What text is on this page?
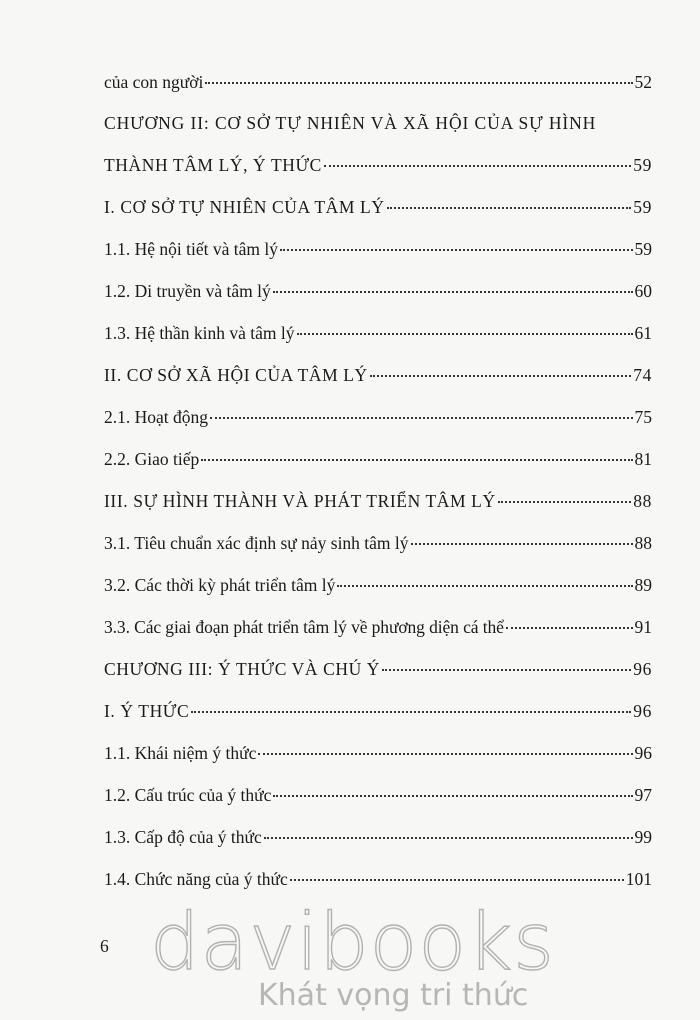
của con người	52
CHƯƠNG II: CƠ SỞ TỰ NHIÊN VÀ XÃ HỘI CỦA SỰ HÌNH
THÀNH TÂM LÝ, Ý THỨC	59
I. CƠ SỞ TỰ NHIÊN CỦA TÂM LÝ	59
1.1. Hệ nội tiết và tâm lý	59
1.2. Di truyền và tâm lý	60
1.3. Hệ thần kinh và tâm lý	61
II. CƠ SỞ XÃ HỘI CỦA TÂM LÝ	74
2.1. Hoạt động	75
2.2. Giao tiếp	81
III. SỰ HÌNH THÀNH VÀ PHÁT TRIỂN TÂM LÝ	88
3.1. Tiêu chuẩn xác định sự nảy sinh tâm lý	88
3.2. Các thời kỳ phát triển tâm lý	89
3.3. Các giai đoạn phát triển tâm lý về phương diện cá thể	91
CHƯƠNG III: Ý THỨC VÀ CHÚ Ý	96
I. Ý THỨC	96
1.1. Khái niệm ý thức	96
1.2. Cấu trúc của ý thức	97
1.3. Cấp độ của ý thức	99
1.4. Chức năng của ý thức	101
6 davibooks
Khát vọng tri thức
